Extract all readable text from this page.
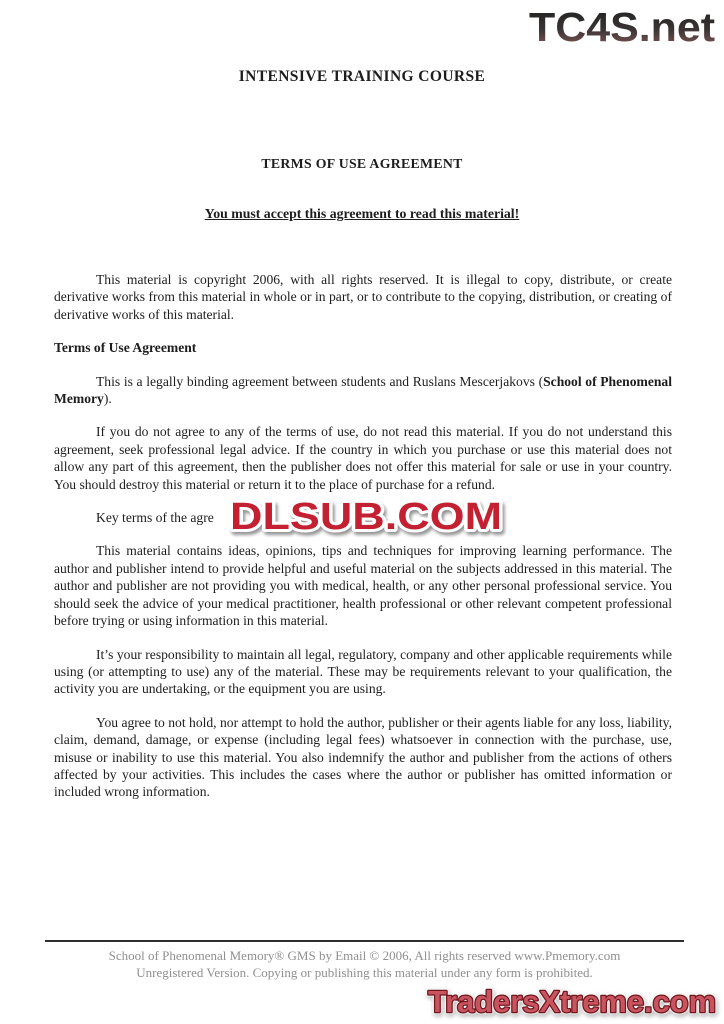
TC4S.net
INTENSIVE TRAINING COURSE
TERMS OF USE AGREEMENT
You must accept this agreement to read this material!

This material is copyright 2006, with all rights reserved. It is illegal to copy, distribute, or create derivative works from this material in whole or in part, or to contribute to the copying, distribution, or creating of derivative works of this material.

Terms of Use Agreement

This is a legally binding agreement between students and Ruslans Mescerjakovs (School of Phenomenal Memory).

If you do not agree to any of the terms of use, do not read this material. If you do not understand this agreement, seek professional legal advice. If the country in which you purchase or use this material does not allow any part of this agreement, then the publisher does not offer this material for sale or use in your country. You should destroy this material or return it to the place of purchase for a refund.

Key terms of the agre

This material contains ideas, opinions, tips and techniques for improving learning performance. The author and publisher intend to provide helpful and useful material on the subjects addressed in this material. The author and publisher are not providing you with medical, health, or any other personal professional service. You should seek the advice of your medical practitioner, health professional or other relevant competent professional before trying or using information in this material.

It’s your responsibility to maintain all legal, regulatory, company and other applicable requirements while using (or attempting to use) any of the material. These may be requirements relevant to your qualification, the activity you are undertaking, or the equipment you are using.

You agree to not hold, nor attempt to hold the author, publisher or their agents liable for any loss, liability, claim, demand, damage, or expense (including legal fees) whatsoever in connection with the purchase, use, misuse or inability to use this material. You also indemnify the author and publisher from the actions of others affected by your activities. This includes the cases where the author or publisher has omitted information or included wrong information.

DLSUB.COM
School of Phenomenal Memory® GMS by Email © 2006, All rights reserved www.Pmemory.com
Unregistered Version. Copying or publishing this material under any form is prohibited.
TradersXtreme.com
